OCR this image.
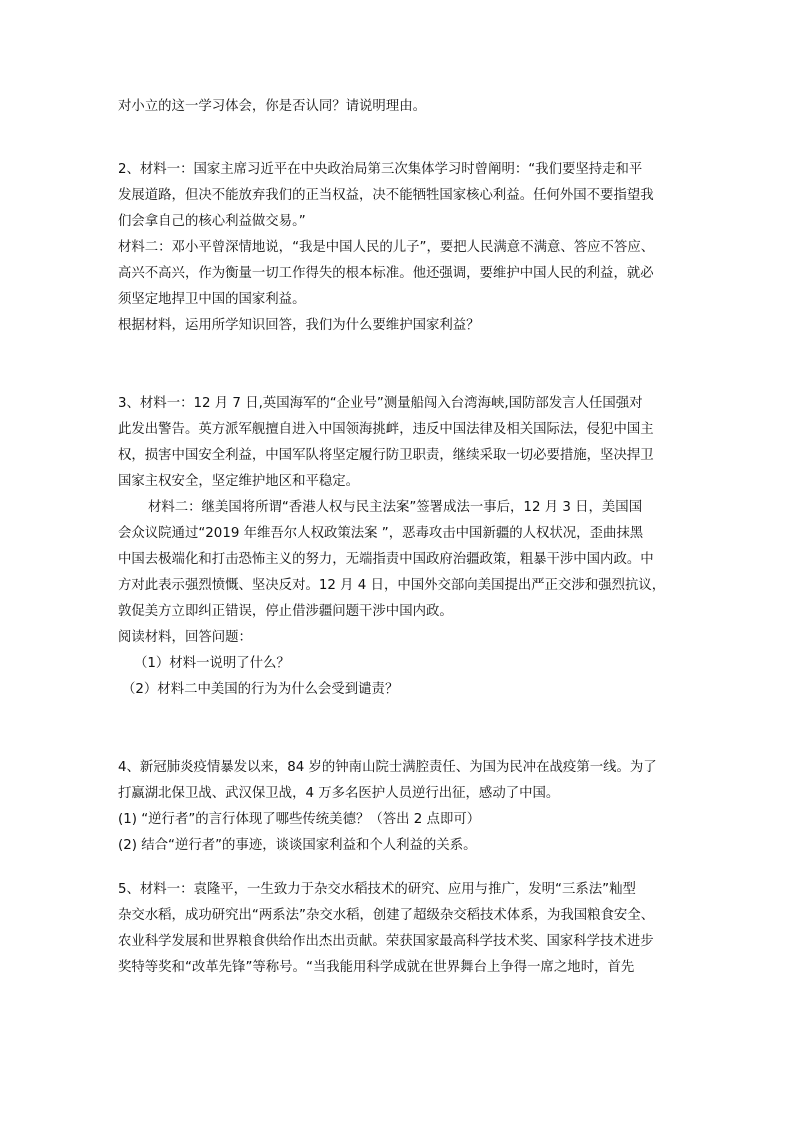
对小立的这一学习体会，你是否认同？请说明理由。

2、材料一：国家主席习近平在中央政治局第三次集体学习时曾阐明：“我们要坚持走和平

发展道路，但决不能放弃我们的正当权益，决不能牺牲国家核心利益。任何外国不要指望我

们会拿自己的核心利益做交易。”

材料二：邓小平曾深情地说，“我是中国人民的儿子”，要把人民满意不满意、答应不答应、

高兴不高兴，作为衡量一切工作得失的根本标准。他还强调，要维护中国人民的利益，就必

须坚定地捍卫中国的国家利益。

根据材料，运用所学知识回答，我们为什么要维护国家利益？

3、材料一：12 月 7 日,英国海军的“企业号”测量船闯入台湾海峡,国防部发言人任国强对

此发出警告。英方派军舰擅自进入中国领海挑衅，违反中国法律及相关国际法，侵犯中国主

权，损害中国安全利益，中国军队将坚定履行防卫职责，继续采取一切必要措施，坚决捍卫

国家主权安全，坚定维护地区和平稳定。

材料二：继美国将所谓“香港人权与民主法案”签署成法一事后，12 月 3 日，美国国

会众议院通过“2019 年维吾尔人权政策法案 ”，恶毒攻击中国新疆的人权状况，歪曲抹黑

中国去极端化和打击恐怖主义的努力，无端指责中国政府治疆政策，粗暴干涉中国内政。中

方对此表示强烈愤慨、坚决反对。12 月 4 日，中国外交部向美国提出严正交涉和强烈抗议，

敦促美方立即纠正错误，停止借涉疆问题干涉中国内政。

阅读材料，回答问题：

（1）材料一说明了什么？

（2）材料二中美国的行为为什么会受到谴责？

4、新冠肺炎疫情暴发以来，84 岁的钟南山院士满腔责任、为国为民冲在战疫第一线。为了

打赢湖北保卫战、武汉保卫战，4 万多名医护人员逆行出征，感动了中国。

(1) “逆行者”的言行体现了哪些传统美德？（答出 2 点即可）

(2) 结合“逆行者”的事迹，谈谈国家利益和个人利益的关系。

5、材料一：袁隆平，一生致力于杂交水稻技术的研究、应用与推广，发明“三系法”籼型

杂交水稻，成功研究出“两系法”杂交水稻，创建了超级杂交稻技术体系，为我国粮食安全、

农业科学发展和世界粮食供给作出杰出贡献。荣获国家最高科学技术奖、国家科学技术进步

奖特等奖和“改革先锋”等称号。“当我能用科学成就在世界舞台上争得一席之地时，首先
